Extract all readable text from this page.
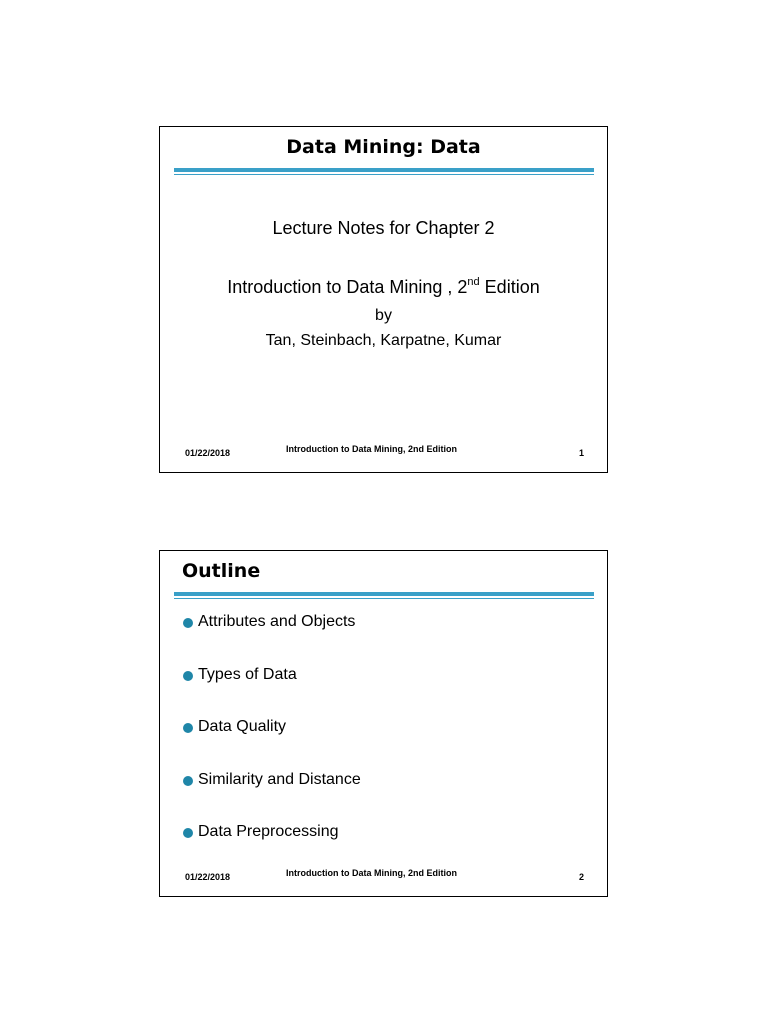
Data Mining: Data
Lecture Notes for Chapter 2
Introduction to Data Mining , 2nd Edition
by
Tan, Steinbach, Karpatne, Kumar
01/22/2018	Introduction to Data Mining, 2nd Edition	1
Outline
Attributes and Objects
Types of Data
Data Quality
Similarity and Distance
Data Preprocessing
01/22/2018	Introduction to Data Mining, 2nd Edition	2
